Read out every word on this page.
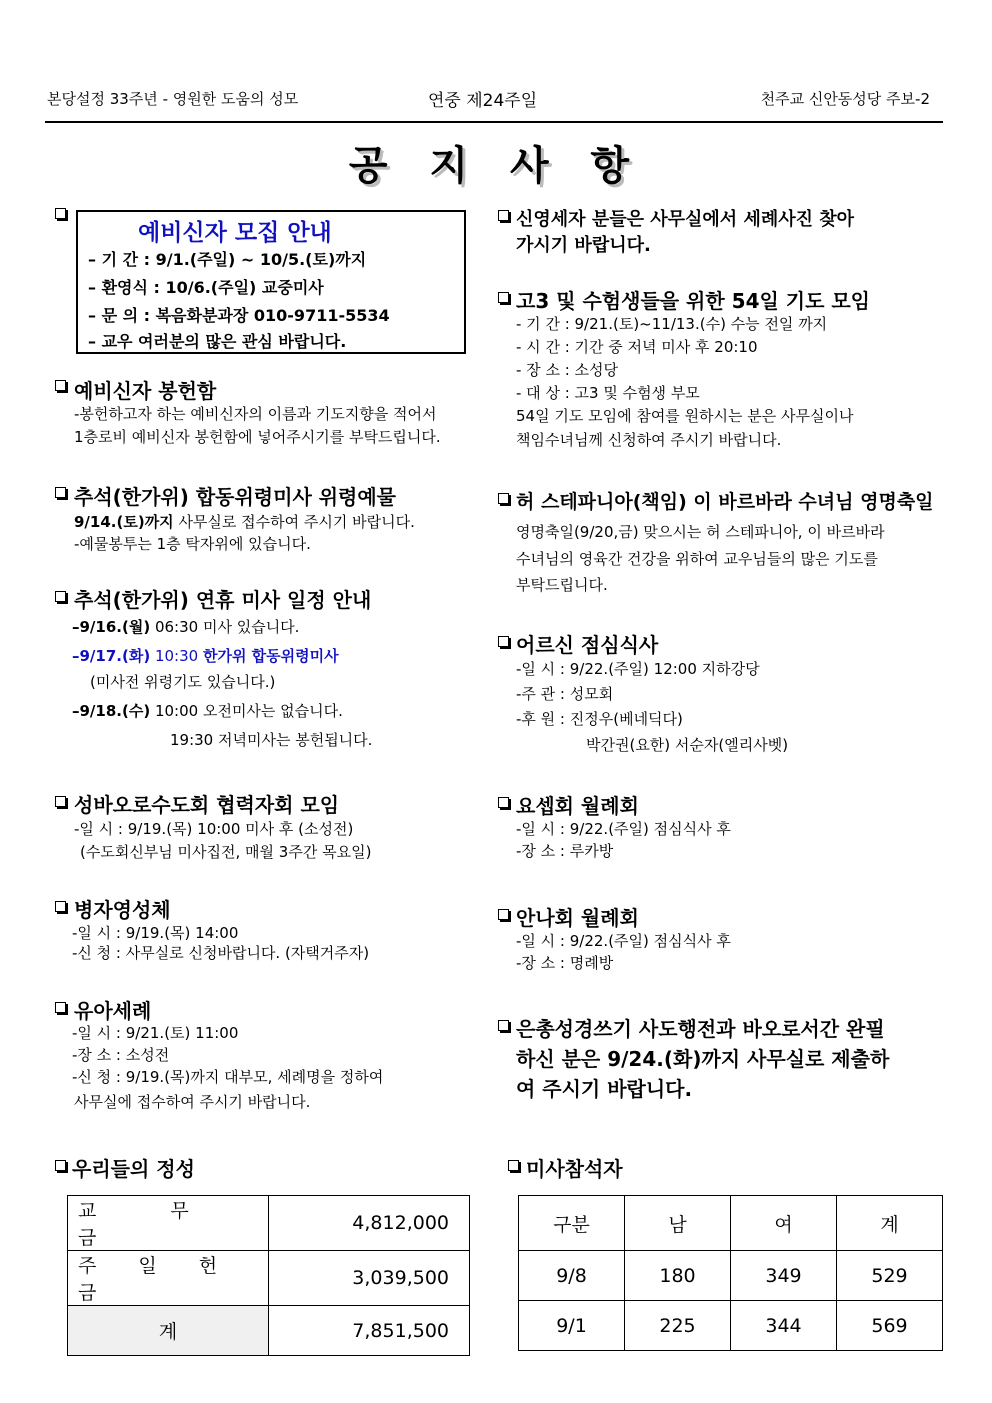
본당설정 33주년 - 영원한 도움의 성모	연중 제24주일	천주교 신안동성당 주보-2
공 지 사 항
예비신자 모집 안내
– 기 간 : 9/1.(주일) ~ 10/5.(토)까지
– 환영식 : 10/6.(주일) 교중미사
– 문 의 : 복음화분과장 010-9711-5534
– 교우 여러분의 많은 관심 바랍니다.
예비신자 봉헌함
-봉헌하고자 하는 예비신자의 이름과 기도지향을 적어서
1층로비 예비신자 봉헌함에 넣어주시기를 부탁드립니다.
추석(한가위) 합동위령미사 위령예물
9/14.(토)까지 사무실로 접수하여 주시기 바랍니다.
-예물봉투는 1층 탁자위에 있습니다.
추석(한가위) 연휴 미사 일정 안내
–9/16.(월) 06:30 미사 있습니다.
–9/17.(화) 10:30 한가위 합동위령미사
(미사전 위령기도 있습니다.)
–9/18.(수) 10:00 오전미사는 없습니다.
19:30 저녁미사는 봉헌됩니다.
성바오로수도회 협력자회 모임
-일 시 : 9/19.(목) 10:00 미사 후 (소성전)
(수도회신부님 미사집전, 매월 3주간 목요일)
병자영성체
-일 시 : 9/19.(목) 14:00
-신 청 : 사무실로 신청바랍니다. (자택거주자)
유아세례
-일 시 : 9/21.(토) 11:00
-장 소 : 소성전
-신 청 : 9/19.(목)까지 대부모, 세례명을 정하여
사무실에 접수하여 주시기 바랍니다.
신영세자 분들은 사무실에서 세례사진 찾아
가시기 바랍니다.
고3 및 수험생들을 위한 54일 기도 모임
- 기 간 : 9/21.(토)~11/13.(수) 수능 전일 까지
- 시 간 : 기간 중 저녁 미사 후 20:10
- 장 소 : 소성당
- 대 상 : 고3 및 수험생 부모
54일 기도 모임에 참여를 원하시는 분은 사무실이나
책임수녀님께 신청하여 주시기 바랍니다.
허 스테파니아(책임) 이 바르바라 수녀님 영명축일
영명축일(9/20,금) 맞으시는 허 스테파니아, 이 바르바라
수녀님의 영육간 건강을 위하여 교우님들의 많은 기도를
부탁드립니다.
어르신 점심식사
-일 시 : 9/22.(주일) 12:00 지하강당
-주 관 : 성모회
-후 원 : 진정우(베네딕다)
박간권(요한) 서순자(엘리사벳)
요셉회 월례회
-일 시 : 9/22.(주일) 점심식사 후
-장 소 : 루카방
안나회 월례회
-일 시 : 9/22.(주일) 점심식사 후
-장 소 : 명례방
은총성경쓰기 사도행전과 바오로서간 완필
하신 분은 9/24.(화)까지 사무실로 제출하
여 주시기 바랍니다.
우리들의 정성
교 무 금	4,812,000
주 일 헌 금	3,039,500
계	7,851,500
미사참석자
구분	남	여	계
9/8	180	349	529
9/1	225	344	569
